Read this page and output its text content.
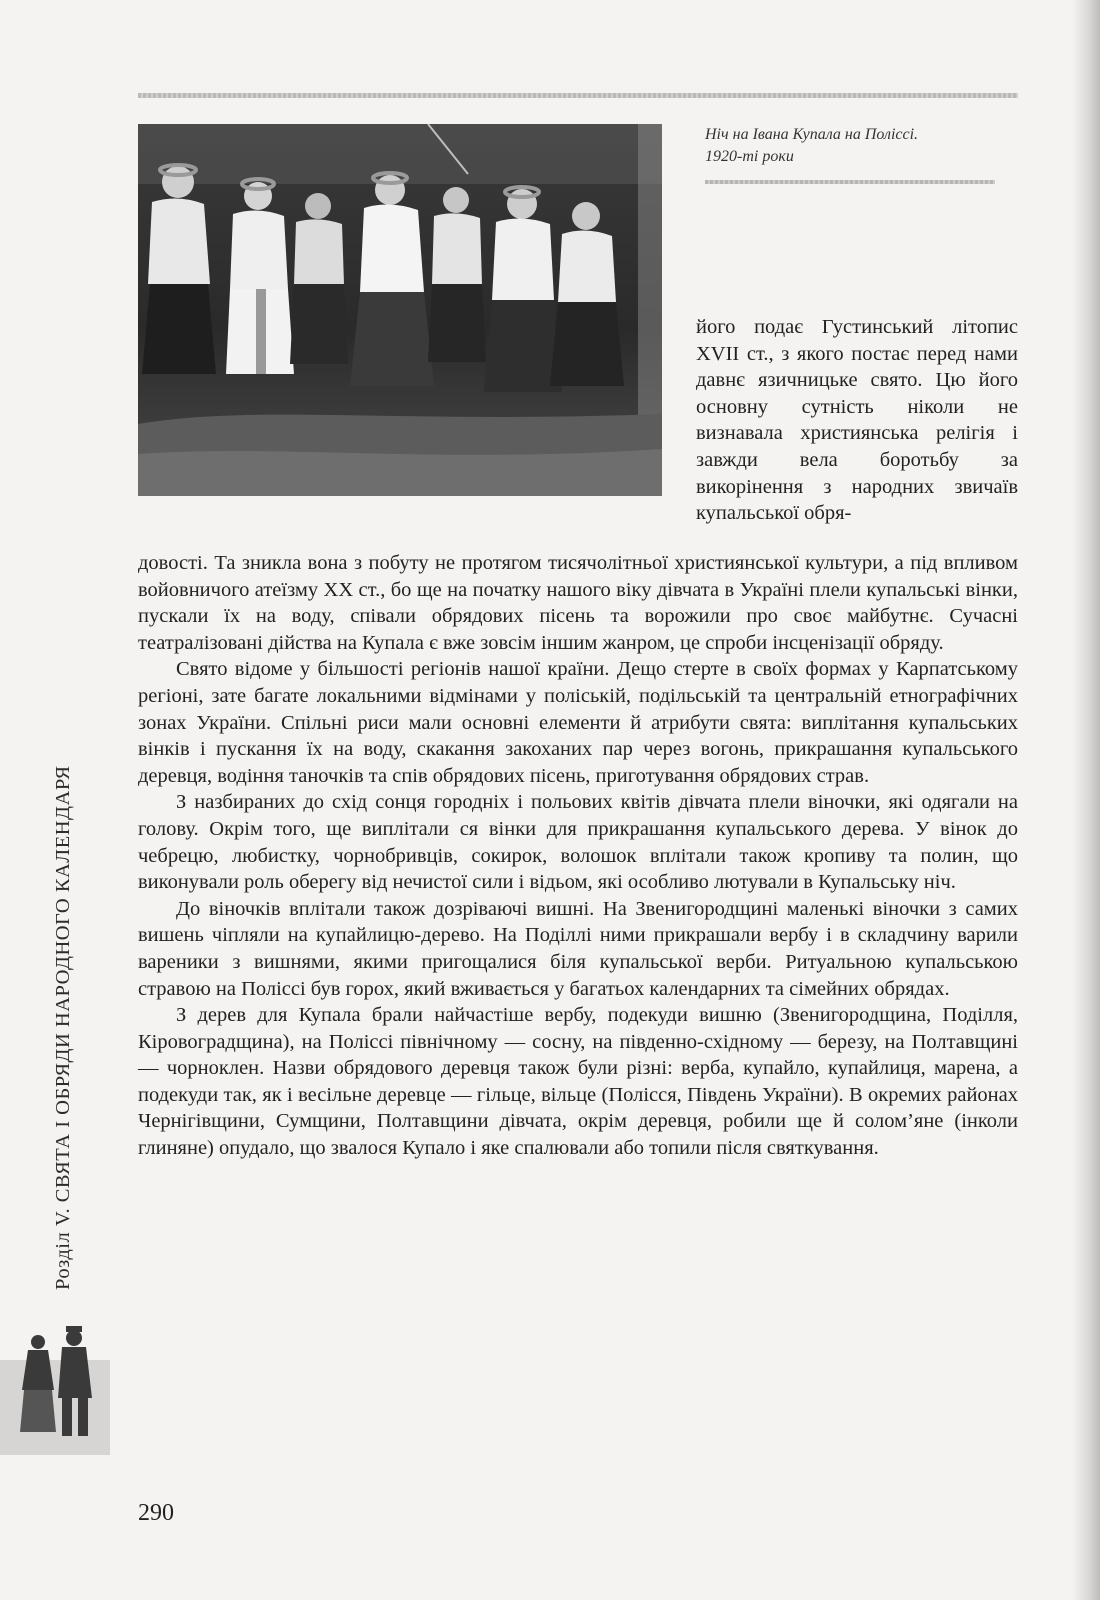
Ніч на Івана Купала на Поліссі.
1920-ті роки

його подає Густинський літопис XVII ст., з якого постає перед нами давнє язичницьке свято. Цю його основну сутність ніколи не визнавала християнська релігія і завжди вела боротьбу за викорінення з народних звичаїв купальської обря-

довості. Та зникла вона з побуту не протягом тисячолітньої християнської культури, а під впливом войовничого атеїзму XX ст., бо ще на початку нашого віку дівчата в Україні плели купальські вінки, пускали їх на воду, співали обрядових пісень та ворожили про своє майбутнє. Сучасні театралізовані дійства на Купала є вже зовсім іншим жанром, це спроби інсценізації обряду.

Свято відоме у більшості регіонів нашої країни. Дещо стерте в своїх формах у Карпатському регіоні, зате багате локальними відмінами у поліській, подільській та центральній етнографічних зонах України. Спільні риси мали основні елементи й атрибути свята: виплітання купальських вінків і пускання їх на воду, скакання закоханих пар через вогонь, прикрашання купальського деревця, водіння таночків та спів обрядових пісень, приготування обрядових страв.

З назбираних до схід сонця городніх і польових квітів дівчата плели віночки, які одягали на голову. Окрім того, ще виплітали ся вінки для прикрашання купальського дерева. У вінок до чебрецю, любистку, чорнобривців, сокирок, волошок вплітали також кропиву та полин, що виконували роль оберегу від нечистої сили і відьом, які особливо лютували в Купальську ніч.

До віночків вплітали також дозріваючі вишні. На Звенигородщині маленькі віночки з самих вишень чіпляли на купайлицю-дерево. На Поділлі ними прикрашали вербу і в складчину варили вареники з вишнями, якими пригощалися біля купальської верби. Ритуальною купальською стравою на Поліссі був горох, який вживається у багатьох календарних та сімейних обрядах.

З дерев для Купала брали найчастіше вербу, подекуди вишню (Звенигородщина, Поділля, Кіровоградщина), на Поліссі північному — сосну, на південно-східному — березу, на Полтавщині — чорноклен. Назви обрядового деревця також були різні: верба, купайло, купайлиця, марена, а подекуди так, як і весільне деревце — гільце, вільце (Полісся, Південь України). В окремих районах Чернігівщини, Сумщини, Полтавщини дівчата, окрім деревця, робили ще й солом’яне (інколи глиняне) опудало, що звалося Купало і яке спалювали або топили після святкування.

Розділ V. СВЯТА І ОБРЯДИ НАРОДНОГО КАЛЕНДАРЯ
290
